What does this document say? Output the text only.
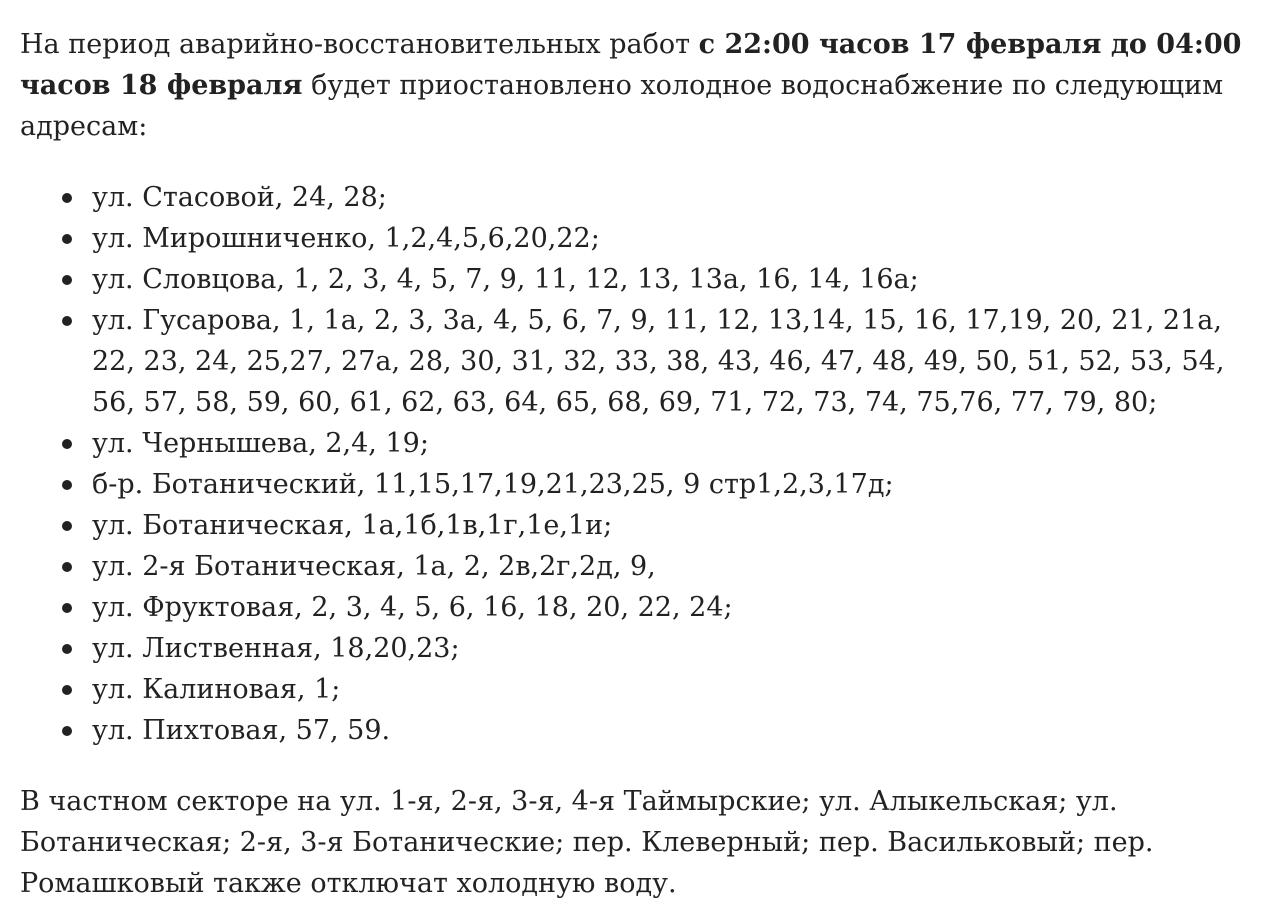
На период аварийно-восстановительных работ с 22:00 часов 17 февраля до 04:00 часов 18 февраля будет приостановлено холодное водоснабжение по следующим адресам:

ул. Стасовой, 24, 28;
ул. Мирошниченко, 1,2,4,5,6,20,22;
ул. Словцова, 1, 2, 3, 4, 5, 7, 9, 11, 12, 13, 13а, 16, 14, 16а;
ул. Гусарова, 1, 1а, 2, 3, 3а, 4, 5, 6, 7, 9, 11, 12, 13,14, 15, 16, 17,19, 20, 21, 21а, 22, 23, 24, 25,27, 27а, 28, 30, 31, 32, 33, 38, 43, 46, 47, 48, 49, 50, 51, 52, 53, 54, 56, 57, 58, 59, 60, 61, 62, 63, 64, 65, 68, 69, 71, 72, 73, 74, 75,76, 77, 79, 80;
ул. Чернышева, 2,4, 19;
б-р. Ботанический, 11,15,17,19,21,23,25, 9 стр1,2,3,17д;
ул. Ботаническая, 1а,1б,1в,1г,1е,1и;
ул. 2-я Ботаническая, 1а, 2, 2в,2г,2д, 9,
ул. Фруктовая, 2, 3, 4, 5, 6, 16, 18, 20, 22, 24;
ул. Лиственная, 18,20,23;
ул. Калиновая, 1;
ул. Пихтовая, 57, 59.

В частном секторе на ул. 1-я, 2-я, 3-я, 4-я Таймырские; ул. Алыкельская; ул. Ботаническая; 2-я, 3-я Ботанические; пер. Клеверный; пер. Васильковый; пер. Ромашковый также отключат холодную воду.
